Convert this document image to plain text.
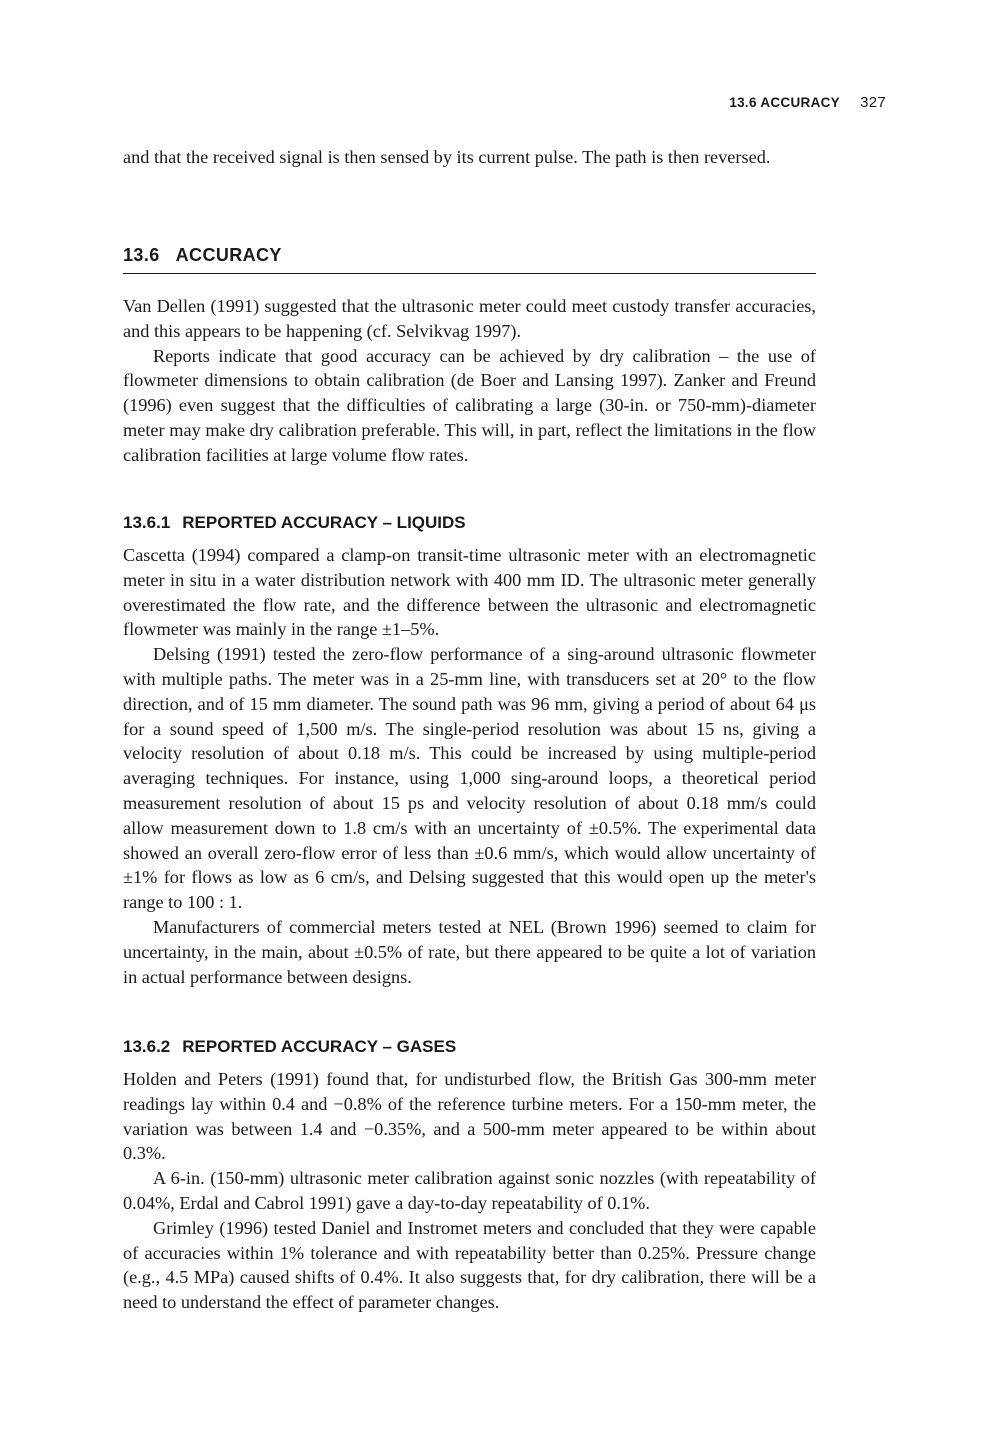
13.6 ACCURACY 327

and that the received signal is then sensed by its current pulse. The path is then reversed.

13.6 ACCURACY

Van Dellen (1991) suggested that the ultrasonic meter could meet custody transfer accuracies, and this appears to be happening (cf. Selvikvag 1997).

Reports indicate that good accuracy can be achieved by dry calibration – the use of flowmeter dimensions to obtain calibration (de Boer and Lansing 1997). Zanker and Freund (1996) even suggest that the difficulties of calibrating a large (30-in. or 750-mm)-diameter meter may make dry calibration preferable. This will, in part, reflect the limitations in the flow calibration facilities at large volume flow rates.

13.6.1 REPORTED ACCURACY – LIQUIDS

Cascetta (1994) compared a clamp-on transit-time ultrasonic meter with an electromagnetic meter in situ in a water distribution network with 400 mm ID. The ultrasonic meter generally overestimated the flow rate, and the difference between the ultrasonic and electromagnetic flowmeter was mainly in the range ±1–5%.

Delsing (1991) tested the zero-flow performance of a sing-around ultrasonic flowmeter with multiple paths. The meter was in a 25-mm line, with transducers set at 20° to the flow direction, and of 15 mm diameter. The sound path was 96 mm, giving a period of about 64 μs for a sound speed of 1,500 m/s. The single-period resolution was about 15 ns, giving a velocity resolution of about 0.18 m/s. This could be increased by using multiple-period averaging techniques. For instance, using 1,000 sing-around loops, a theoretical period measurement resolution of about 15 ps and velocity resolution of about 0.18 mm/s could allow measurement down to 1.8 cm/s with an uncertainty of ±0.5%. The experimental data showed an overall zero-flow error of less than ±0.6 mm/s, which would allow uncertainty of ±1% for flows as low as 6 cm/s, and Delsing suggested that this would open up the meter's range to 100 : 1.

Manufacturers of commercial meters tested at NEL (Brown 1996) seemed to claim for uncertainty, in the main, about ±0.5% of rate, but there appeared to be quite a lot of variation in actual performance between designs.

13.6.2 REPORTED ACCURACY – GASES

Holden and Peters (1991) found that, for undisturbed flow, the British Gas 300-mm meter readings lay within 0.4 and −0.8% of the reference turbine meters. For a 150-mm meter, the variation was between 1.4 and −0.35%, and a 500-mm meter appeared to be within about 0.3%.

A 6-in. (150-mm) ultrasonic meter calibration against sonic nozzles (with repeatability of 0.04%, Erdal and Cabrol 1991) gave a day-to-day repeatability of 0.1%.

Grimley (1996) tested Daniel and Instromet meters and concluded that they were capable of accuracies within 1% tolerance and with repeatability better than 0.25%. Pressure change (e.g., 4.5 MPa) caused shifts of 0.4%. It also suggests that, for dry calibration, there will be a need to understand the effect of parameter changes.
